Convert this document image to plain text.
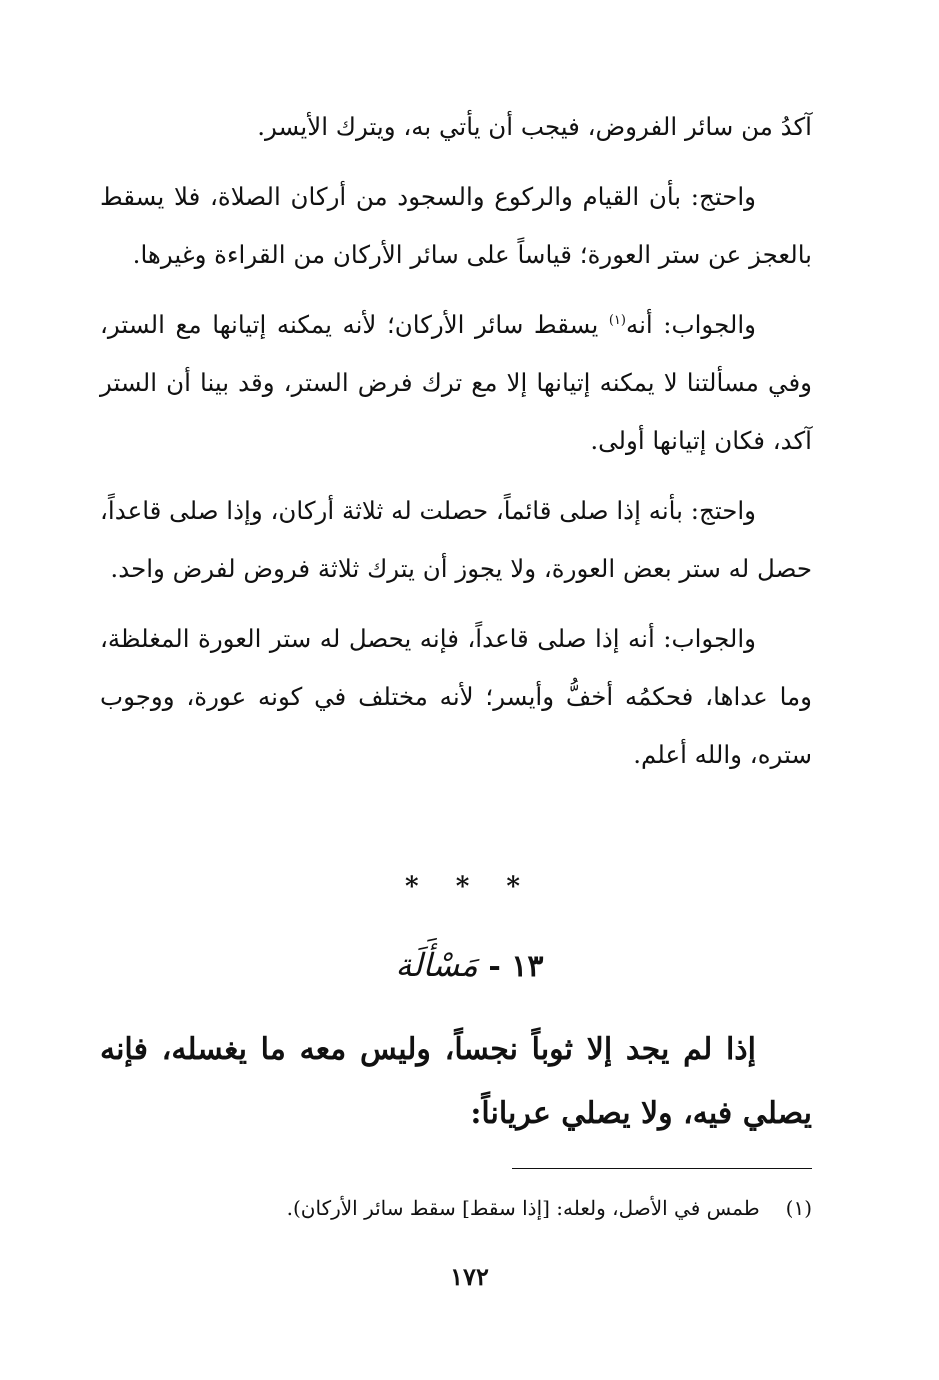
آكدُ من سائر الفروض، فيجب أن يأتي به، ويترك الأيسر.

واحتج: بأن القيام والركوع والسجود من أركان الصلاة، فلا يسقط بالعجز عن ستر العورة؛ قياساً على سائر الأركان من القراءة وغيرها.

والجواب: أنه$^{(١)}$ يسقط سائر الأركان؛ لأنه يمكنه إتيانها مع الستر، وفي مسألتنا لا يمكنه إتيانها إلا مع ترك فرض الستر، وقد بينا أن الستر آكد، فكان إتيانها أولى.

واحتج: بأنه إذا صلى قائماً، حصلت له ثلاثة أركان، وإذا صلى قاعداً، حصل له ستر بعض العورة، ولا يجوز أن يترك ثلاثة فروض لفرض واحد.

والجواب: أنه إذا صلى قاعداً، فإنه يحصل له ستر العورة المغلظة، وما عداها، فحكمُه أخفُّ وأيسر؛ لأنه مختلف في كونه عورة، ووجوب ستره، والله أعلم.

* * *
١٣ - مَسْأَلَة

إذا لم يجد إلا ثوباً نجساً، وليس معه ما يغسله، فإنه يصلي فيه، ولا يصلي عرياناً:

(١)طمس في الأصل، ولعله: [إذا سقط] سقط سائر الأركان).

١٧٢
